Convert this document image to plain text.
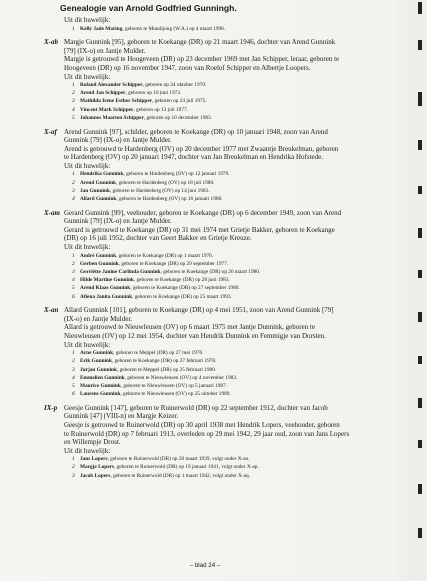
Genealogie van Arnold Godfried Gunningh.

Uit dit huwelijk:

1 Kelly Jade Maring, geboren te Mundijong (W.A.) op 4 maart 1998.
X-ab Margje Gunnink [95], geboren te Koekange (DR) op 21 maart 1946, dochter van Arend Gunnink

[79] (IX-o) en Jantje Mulder.

Margje is getrouwd te Hoogeveen (DR) op 23 december 1969 met Jan Schipper, leraar, geboren te

Hoogeveen (DR) op 16 november 1947, zoon van Roelof Schipper en Albertje Loopers.

Uit dit huwelijk:

1 Roland Alexander Schipper, geboren op 24 oktober 1970.
2 Arend Jan Schipper, geboren op 10 juni 1972.
3 Mathilda Irene Esther Schipper, geboren op 24 juli 1975.
4 Vincent Mark Schipper, geboren op 13 juli 1977.
5 Johannes Maarten Schipper, geboren op 10 december 1983.
X-af Arend Gunnink [97], schilder, geboren te Koekange (DR) op 10 januari 1948, zoon van Arend

Gunnink [79] (IX-o) en Jantje Mulder.

Arend is getrouwd te Hardenberg (OV) op 20 december 1977 met Zwaantje Breukelman, geboren

te Hardenberg (OV) op 20 januari 1947, dochter van Jan Breukelman en Hendrika Hofstede.

Uit dit huwelijk:

1 Hendrika Gunnink, geboren te Hardenberg (OV) op 12 januari 1979.
2 Arend Gunnink, geboren te Hardenberg (OV) op 18 juli 1980.
3 Jan Gunnink, geboren te Hardenberg (OV) op 14 juni 1983.
4 Allard Gunnink, geboren te Hardenberg (OV) op 16 januari 1988.
X-am Gerard Gunnink [99], veehouder, geboren te Koekange (DR) op 6 december 1949, zoon van Arend

Gunnink [79] (IX-o) en Jantje Mulder.

Gerard is getrouwd te Koekange (DR) op 31 mei 1974 met Grietje Bakker, geboren te Koekange

(DR) op 16 juli 1952, dochter van Geert Bakker en Grietje Kreuze.

Uit dit huwelijk:

1 André Gunnink, geboren te Koekange (DR) op 1 maart 1976.
2 Gerben Gunnink, geboren te Koekange (DR) op 29 september 1977.
3 Gerriëtte Janine Carlinda Gunnink, geboren te Koekange (DR) op 26 maart 1980.
4 Hilde Martine Gunnink, geboren te Koekange (DR) op 28 juni 1983.
5 Arend Klaas Gunnink, geboren te Koekange (DR) op 27 september 1986.
6 Afiena Janita Gunnink, geboren te Koekange (DR) op 25 maart 1993.
X-an Allard Gunnink [101], geboren te Koekange (DR) op 4 mei 1951, zoon van Arend Gunnink [79]

(IX-o) en Jantje Mulder.

Allard is getrouwd te Nieuwleusen (OV) op 6 maart 1975 met Jantje Dunnink, geboren te

Nieuwleusen (OV) op 12 mei 1954, dochter van Hendrik Dunnink en Femmigje van Dorsten.

Uit dit huwelijk:

1 Arne Gunnink, geboren te Meppel (DR) op 27 mei 1976.
2 Erik Gunnink, geboren te Koekange (DR) op 27 februari 1978.
3 Jurjan Gunnink, geboren te Meppel (DR) op 25 februari 1980.
4 Emmelien Gunnink, geboren te Nieuwleusen (OV) op 4 november 1983.
5 Maurice Gunnink, geboren te Nieuwleusen (OV) op 5 januari 1987.
6 Laurens Gunnink, geboren te Nieuwleusen (OV) op 25 oktober 1989.
IX-p Geesje Gunnink [147], geboren te Ruinerwold (DR) op 22 september 1912, dochter van Jacob

Gunnink [47] (VIII-n) en Margje Keizer.

Geesje is getrouwd te Ruinerwold (DR) op 30 april 1938 met Hendrik Lopers, veehouder, geboren

te Ruinerwold (DR) op 7 februari 1913, overleden op 29 mei 1942, 29 jaar oud, zoon van Jans Lopers

en Willempje Drost.

Uit dit huwelijk:

1 Jans Lopers, geboren te Ruinerwold (DR) op 20 maart 1939, volgt onder X-ao.
2 Margje Lopers, geboren te Ruinerwold (DR) op 19 januari 1941, volgt onder X-ap.
3 Jacob Lopers, geboren te Ruinerwold (DR) op 1 maart 1942, volgt onder X-aq.
– blad 24 –
